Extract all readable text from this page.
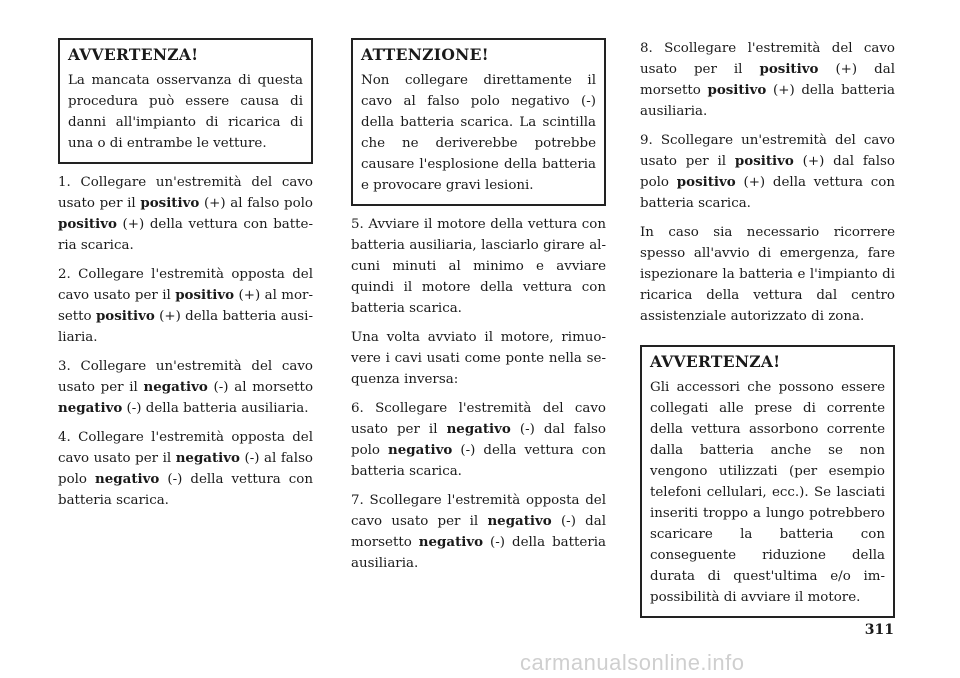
AVVERTENZA!

La mancata osservanza di questa procedura può essere causa di danni all'impianto di ricarica di una o di entrambe le vetture.

1. Collegare un'estremità del cavo usato per il positivo (+) al falso polo positivo (+) della vettura con batteria scarica.

2. Collegare l'estremità opposta del cavo usato per il positivo (+) al morsetto positivo (+) della batteria ausiliaria.

3. Collegare un'estremità del cavo usato per il negativo (-) al morsetto negativo (-) della batteria ausiliaria.

4. Collegare l'estremità opposta del cavo usato per il negativo (-) al falso polo negativo (-) della vettura con batteria scarica.

ATTENZIONE!

Non collegare direttamente il cavo al falso polo negativo (-) della batteria scarica. La scintilla che ne deriverebbe potrebbe causare l'esplosione della batteria e provocare gravi lesioni.

5. Avviare il motore della vettura con batteria ausiliaria, lasciarlo girare alcuni minuti al minimo e avviare quindi il motore della vettura con batteria scarica.

Una volta avviato il motore, rimuovere i cavi usati come ponte nella sequenza inversa:

6. Scollegare l'estremità del cavo usato per il negativo (-) dal falso polo negativo (-) della vettura con batteria scarica.

7. Scollegare l'estremità opposta del cavo usato per il negativo (-) dal morsetto negativo (-) della batteria ausiliaria.

8. Scollegare l'estremità del cavo usato per il positivo (+) dal morsetto positivo (+) della batteria ausiliaria.

9. Scollegare un'estremità del cavo usato per il positivo (+) dal falso polo positivo (+) della vettura con batteria scarica.

In caso sia necessario ricorrere spesso all'avvio di emergenza, fare ispezionare la batteria e l'impianto di ricarica della vettura dal centro assistenziale autorizzato di zona.

AVVERTENZA!

Gli accessori che possono essere collegati alle prese di corrente della vettura assorbono corrente dalla batteria anche se non vengono utilizzati (per esempio telefoni cellulari, ecc.). Se lasciati inseriti troppo a lungo potrebbero scaricare la batteria con conseguente riduzione della durata di quest'ultima e/o impossibilità di avviare il motore.

311
carmanualsonline.info
